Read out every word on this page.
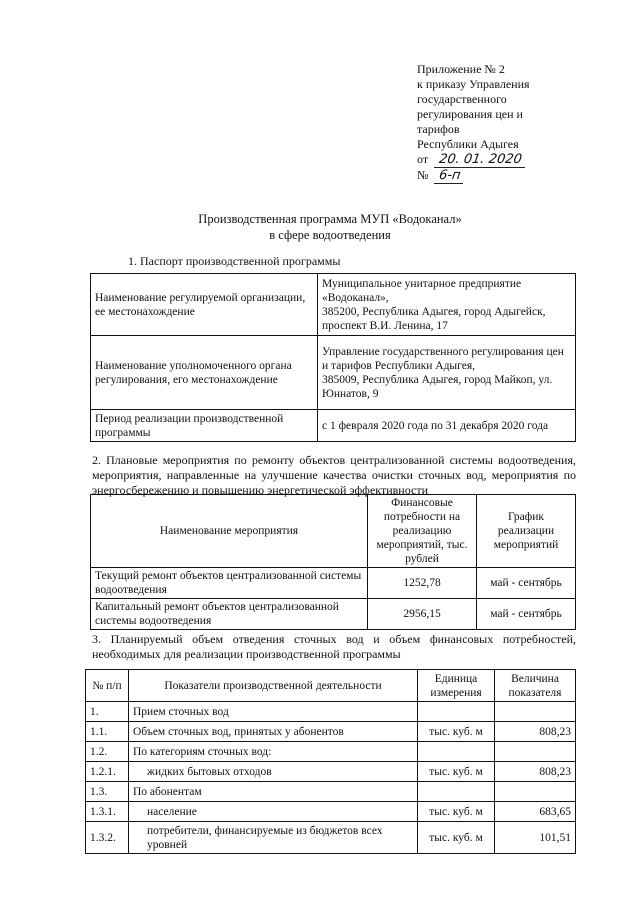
Приложение № 2
к приказу Управления
государственного
регулирования цен и
тарифов
Республики Адыгея
от 20. 01. 2020
№ 6-п
Производственная программа МУП «Водоканал»
в сфере водоотведения
1. Паспорт производственной программы
Наименование регулируемой организации, ее местонахождение	Муниципальное унитарное предприятие «Водоканал»,
385200, Республика Адыгея, город Адыгейск, проспект В.И. Ленина, 17

Наименование уполномоченного органа регулирования, его местонахождение	Управление государственного регулирования цен и тарифов Республики Адыгея,
385009, Республика Адыгея, город Майкоп, ул. Юннатов, 9

Период реализации производственной программы	с 1 февраля 2020 года по 31 декабря 2020 года
2. Плановые мероприятия по ремонту объектов централизованной системы водоотведения, мероприятия, направленные на улучшение качества очистки сточных вод, мероприятия по энергосбережению и повышению энергетической эффективности
Наименование мероприятия	Финансовые потребности на реализацию мероприятий, тыс. рублей	График реализации мероприятий
Текущий ремонт объектов централизованной системы водоотведения	1252,78	май - сентябрь
Капитальный ремонт объектов централизованной системы водоотведения	2956,15	май - сентябрь
3. Планируемый объем отведения сточных вод и объем финансовых потребностей, необходимых для реализации производственной программы
№ п/п	Показатели производственной деятельности	Единица измерения	Величина показателя
1.	Прием сточных вод		
1.1.	Объем сточных вод, принятых у абонентов	тыс. куб. м	808,23
1.2.	По категориям сточных вод:		
1.2.1.	жидких бытовых отходов	тыс. куб. м	808,23
1.3.	По абонентам		
1.3.1.	население	тыс. куб. м	683,65
1.3.2.	потребители, финансируемые из бюджетов всех уровней	тыс. куб. м	101,51
